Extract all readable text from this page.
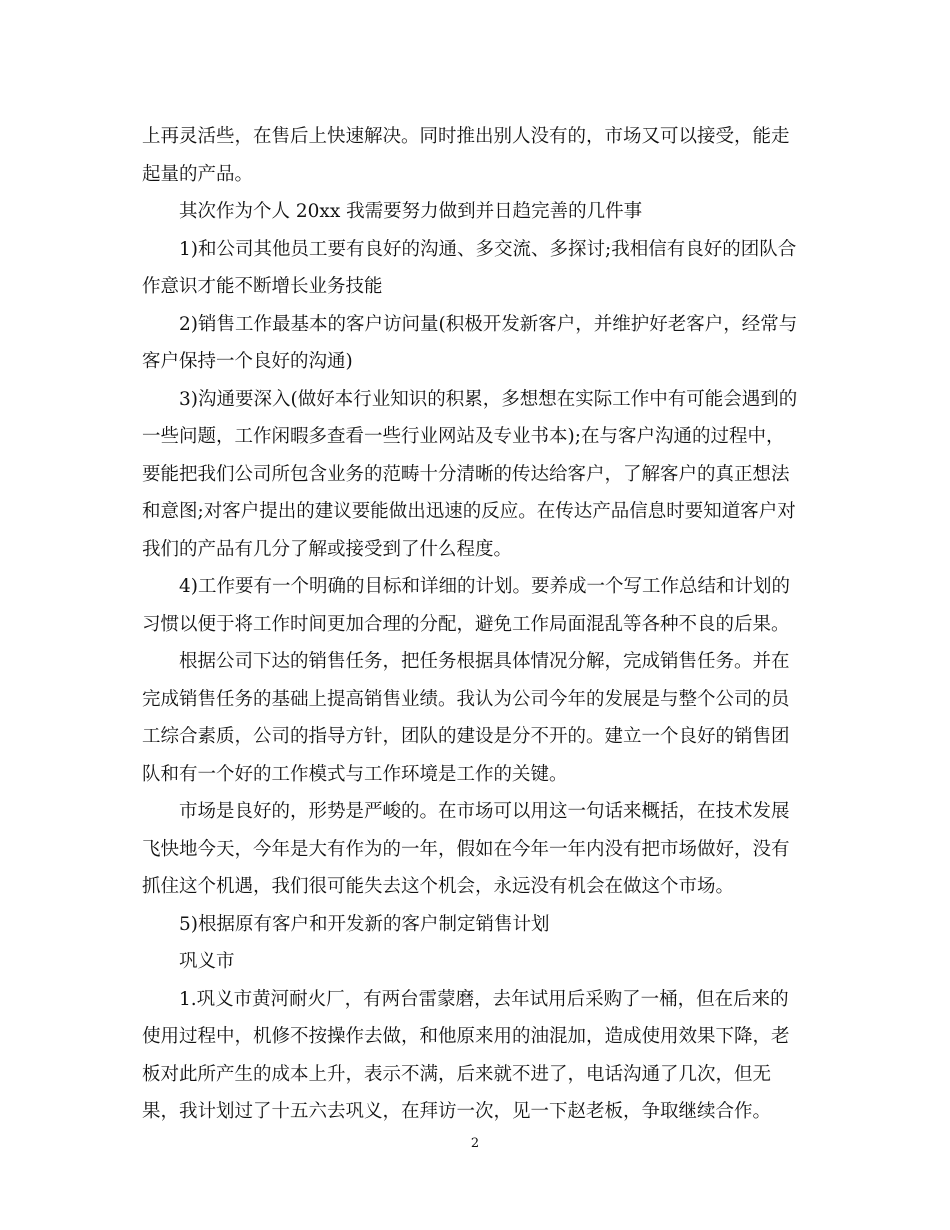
上再灵活些，在售后上快速解决。同时推出别人没有的，市场又可以接受，能走
起量的产品。
其次作为个人 20xx 我需要努力做到并日趋完善的几件事
1)和公司其他员工要有良好的沟通、多交流、多探讨;我相信有良好的团队合
作意识才能不断增长业务技能
2)销售工作最基本的客户访问量(积极开发新客户，并维护好老客户，经常与
客户保持一个良好的沟通)
3)沟通要深入(做好本行业知识的积累，多想想在实际工作中有可能会遇到的
一些问题，工作闲暇多查看一些行业网站及专业书本);在与客户沟通的过程中，
要能把我们公司所包含业务的范畴十分清晰的传达给客户，了解客户的真正想法
和意图;对客户提出的建议要能做出迅速的反应。在传达产品信息时要知道客户对
我们的产品有几分了解或接受到了什么程度。
4)工作要有一个明确的目标和详细的计划。要养成一个写工作总结和计划的
习惯以便于将工作时间更加合理的分配，避免工作局面混乱等各种不良的后果。
根据公司下达的销售任务，把任务根据具体情况分解，完成销售任务。并在
完成销售任务的基础上提高销售业绩。我认为公司今年的发展是与整个公司的员
工综合素质，公司的指导方针，团队的建设是分不开的。建立一个良好的销售团
队和有一个好的工作模式与工作环境是工作的关键。
市场是良好的，形势是严峻的。在市场可以用这一句话来概括，在技术发展
飞快地今天，今年是大有作为的一年，假如在今年一年内没有把市场做好，没有
抓住这个机遇，我们很可能失去这个机会，永远没有机会在做这个市场。
5)根据原有客户和开发新的客户制定销售计划
巩义市
1.巩义市黄河耐火厂，有两台雷蒙磨，去年试用后采购了一桶，但在后来的
使用过程中，机修不按操作去做，和他原来用的油混加，造成使用效果下降，老
板对此所产生的成本上升，表示不满，后来就不进了，电话沟通了几次，但无
果，我计划过了十五六去巩义，在拜访一次，见一下赵老板，争取继续合作。
2
